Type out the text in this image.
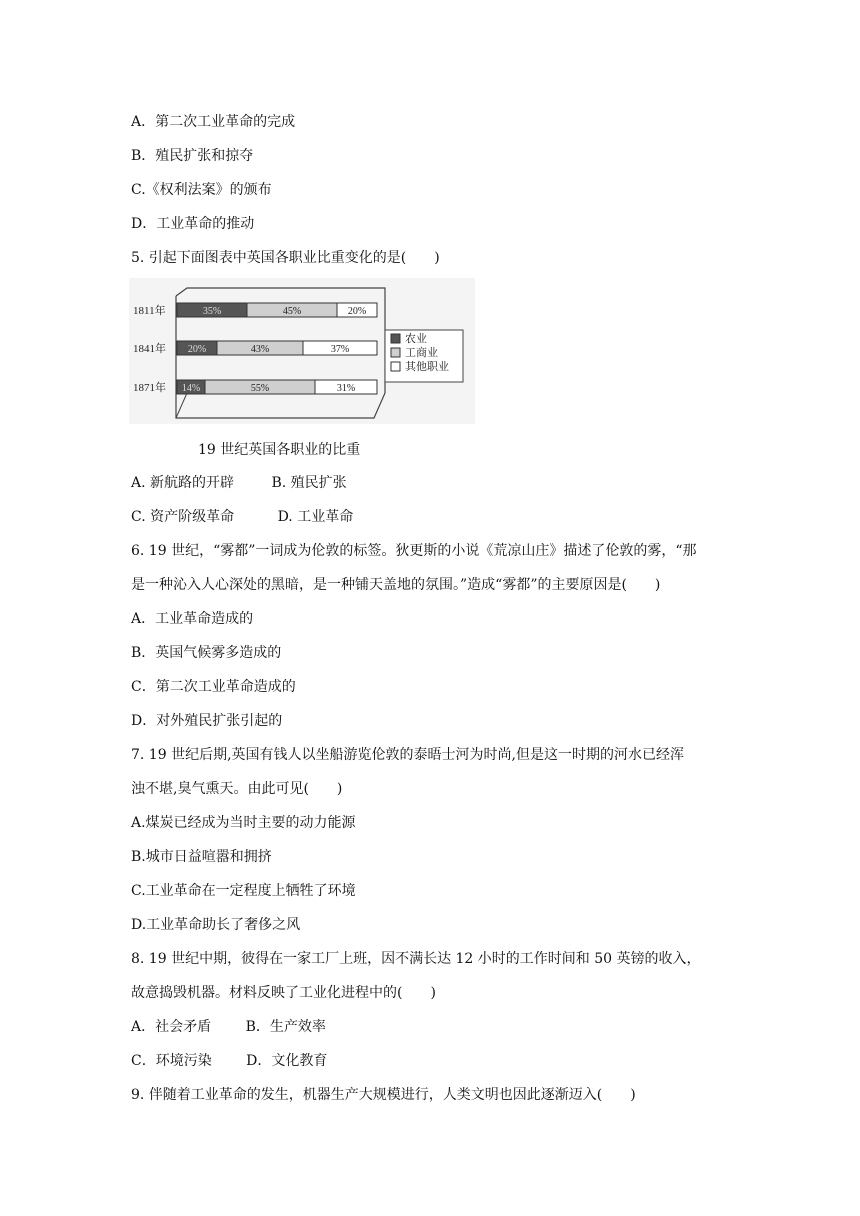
A．第二次工业革命的完成
B．殖民扩张和掠夺
C.《权利法案》的颁布
D．工业革命的推动
5. 引起下面图表中英国各职业比重变化的是(　　)
1811年	35%	45%	20%
1841年 20%	43%	37%
1871年 14%	55%	31%
农业
工商业
其他职业
19 世纪英国各职业的比重
A. 新航路的开辟	B. 殖民扩张
C. 资产阶级革命	D. 工业革命
6. 19 世纪，“雾都”一词成为伦敦的标签。狄更斯的小说《荒凉山庄》描述了伦敦的雾，“那
是一种沁入人心深处的黑暗，是一种铺天盖地的氛围。”造成“雾都”的主要原因是(　　)
A．工业革命造成的
B．英国气候雾多造成的
C．第二次工业革命造成的
D．对外殖民扩张引起的
7. 19 世纪后期,英国有钱人以坐船游览伦敦的泰晤士河为时尚,但是这一时期的河水已经浑
浊不堪,臭气熏天。由此可见(　　)
A.煤炭已经成为当时主要的动力能源
B.城市日益喧嚣和拥挤
C.工业革命在一定程度上牺牲了环境
D.工业革命助长了奢侈之风
8. 19 世纪中期，彼得在一家工厂上班，因不满长达 12 小时的工作时间和 50 英镑的收入，
故意捣毁机器。材料反映了工业化进程中的(　　)
A．社会矛盾 B．生产效率
C．环境污染 D．文化教育
9. 伴随着工业革命的发生，机器生产大规模进行，人类文明也因此逐渐迈入(　　)
